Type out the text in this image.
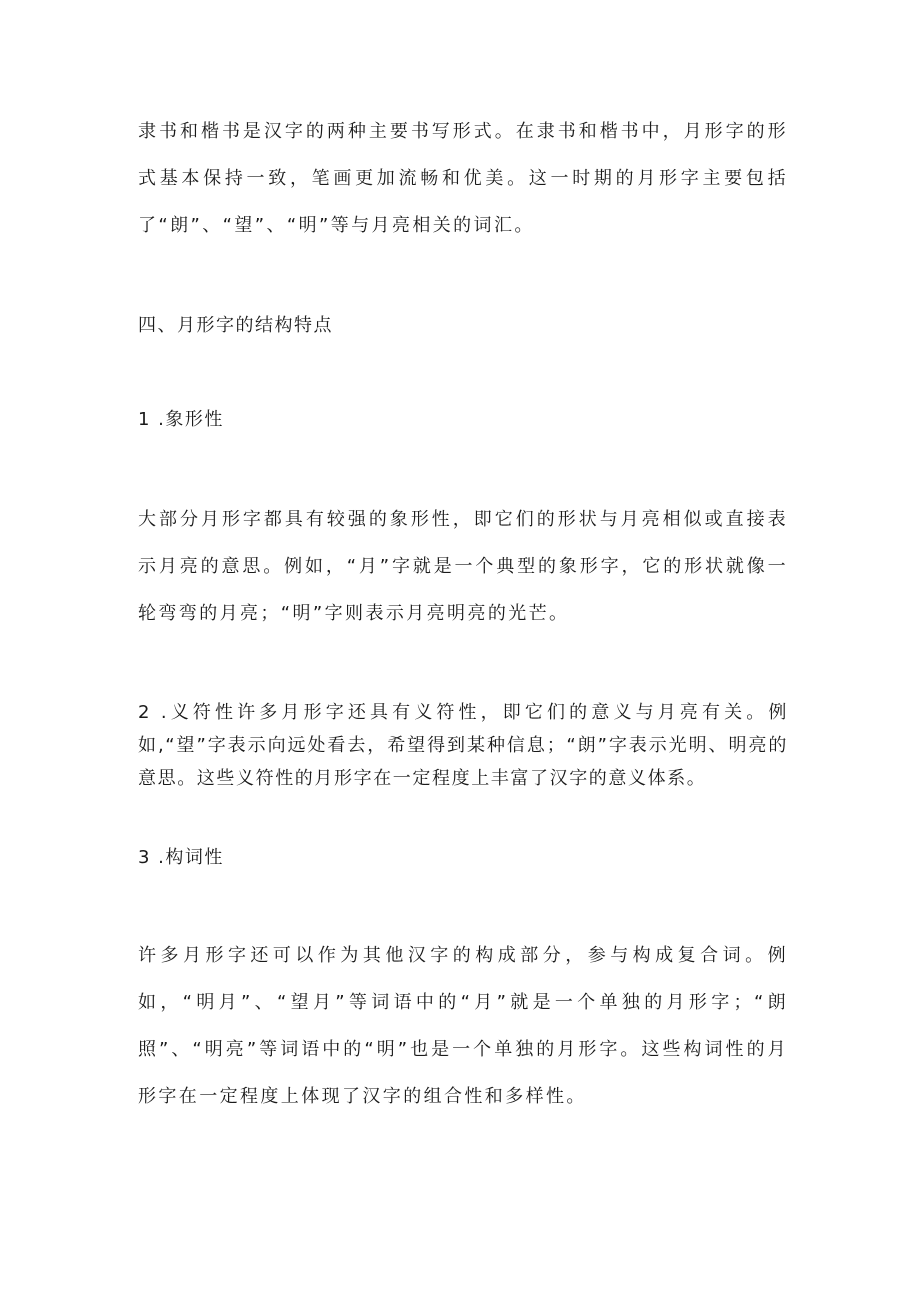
隶书和楷书是汉字的两种主要书写形式。在隶书和楷书中，月形字的形式基本保持一致，笔画更加流畅和优美。这一时期的月形字主要包括了“朗”、“望”、“明”等与月亮相关的词汇。

四、月形字的结构特点

1 .象形性

大部分月形字都具有较强的象形性，即它们的形状与月亮相似或直接表示月亮的意思。例如，“月”字就是一个典型的象形字，它的形状就像一轮弯弯的月亮；“明”字则表示月亮明亮的光芒。

2 .义符性许多月形字还具有义符性，即它们的意义与月亮有关。例如,“望”字表示向远处看去，希望得到某种信息；“朗”字表示光明、明亮的意思。这些义符性的月形字在一定程度上丰富了汉字的意义体系。

3 .构词性

许多月形字还可以作为其他汉字的构成部分，参与构成复合词。例如，“明月”、“望月”等词语中的“月”就是一个单独的月形字；“朗照”、“明亮”等词语中的“明”也是一个单独的月形字。这些构词性的月形字在一定程度上体现了汉字的组合性和多样性。
